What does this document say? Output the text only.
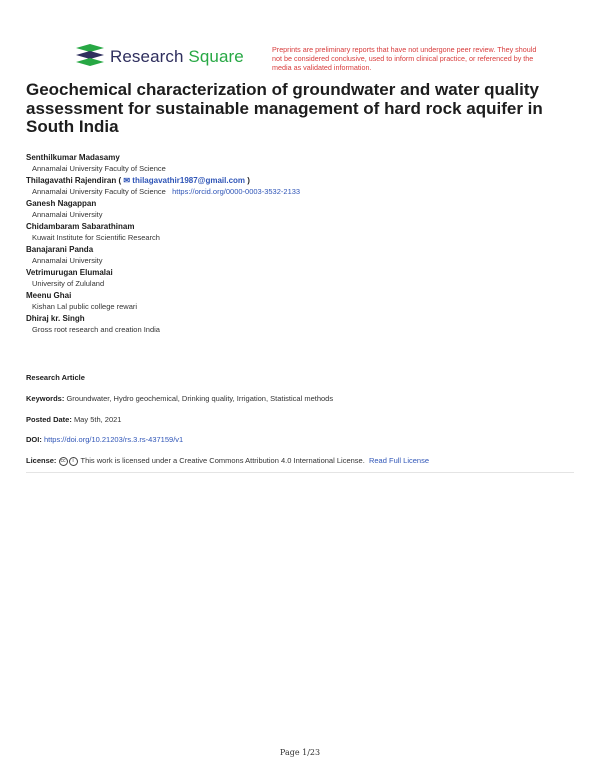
Research Square	Preprints are preliminary reports that have not undergone peer review. They should not be considered conclusive, used to inform clinical practice, or referenced by the media as validated information.
Geochemical characterization of groundwater and water quality assessment for sustainable management of hard rock aquifer in South India
Senthilkumar Madasamy
Annamalai University Faculty of Science
Thilagavathi Rajendiran ( ✉ thilagavathir1987@gmail.com )
Annamalai University Faculty of Science https://orcid.org/0000-0003-3532-2133
Ganesh Nagappan
Annamalai University
Chidambaram Sabarathinam
Kuwait Institute for Scientific Research
Banajarani Panda
Annamalai University
Vetrimurugan Elumalai
University of Zululand
Meenu Ghai
Kishan Lal public college rewari
Dhiraj kr. Singh
Gross root research and creation India
Research Article
Keywords: Groundwater, Hydro geochemical, Drinking quality, Irrigation, Statistical methods
Posted Date: May 5th, 2021
DOI: https://doi.org/10.21203/rs.3.rs-437159/v1
License: cc i This work is licensed under a Creative Commons Attribution 4.0 International License. Read Full License
Page 1/23
